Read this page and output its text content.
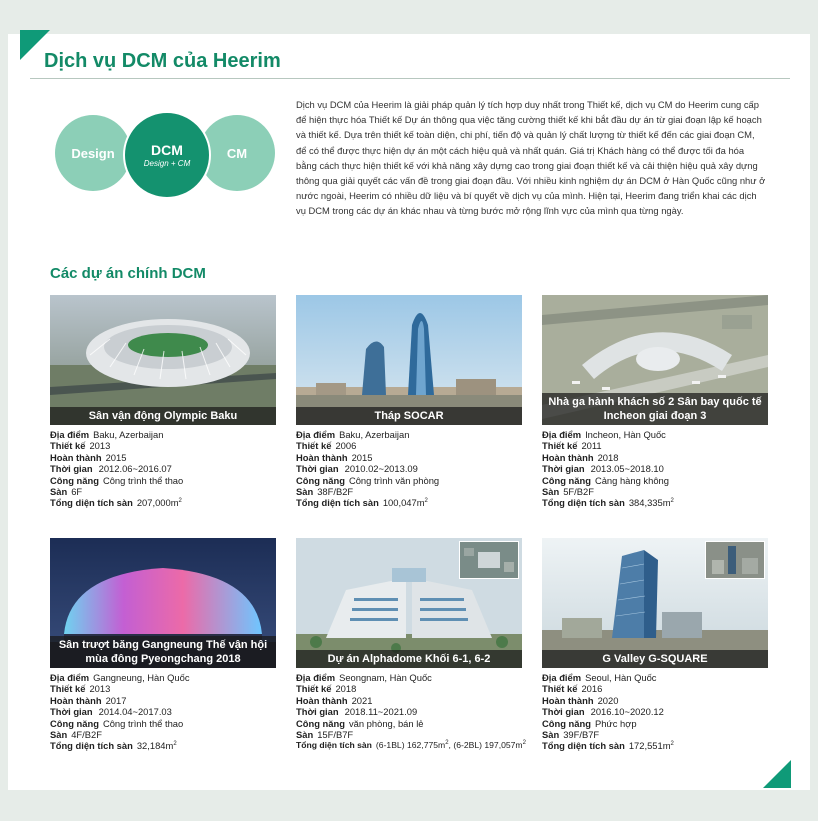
Dịch vụ DCM của Heerim
Design	CM
DCM
Design + CM
Dịch vụ DCM của Heerim là giải pháp quản lý tích hợp duy nhất trong Thiết kế, dịch vụ CM do Heerim cung cấp để hiện thực hóa Thiết kế Dự án thông qua việc tăng cường thiết kế khi bắt đầu dự án từ giai đoạn lập kế hoạch và thiết kế. Dựa trên thiết kế toàn diện, chi phí, tiến độ và quản lý chất lượng từ thiết kế đến các giai đoạn CM, để có thể được thực hiện dự án một cách hiệu quả và nhất quán. Giá trị Khách hàng có thể được tối đa hóa bằng cách thực hiện thiết kế với khả năng xây dựng cao trong giai đoạn thiết kế và cải thiện hiệu quả xây dựng thông qua giải quyết các vấn đề trong giai đoạn đầu. Với nhiều kinh nghiệm dự án DCM ở Hàn Quốc cũng như ở nước ngoài, Heerim có nhiều dữ liệu và bí quyết về dịch vụ của mình. Hiện tại, Heerim đang triển khai các dịch vụ DCM trong các dự án khác nhau và từng bước mở rộng lĩnh vực của mình qua từng ngày.
Các dự án chính DCM
Sân vận động Olympic Baku
Địa điểm Baku, Azerbaijan
Thiết kế 2013
Hoàn thành 2015
Thời gian 2012.06~2016.07
Công năng Công trình thể thao
Sàn 6F
Tổng diện tích sàn $207,000m^2$
Tháp SOCAR
Địa điểm Baku, Azerbaijan
Thiết kế 2006
Hoàn thành 2015
Thời gian 2010.02~2013.09
Công năng Công trình văn phòng
Sàn 38F/B2F
Tổng diện tích sàn $100,047m^2$
Nhà ga hành khách số 2 Sân bay quốc tế Incheon giai đoạn 3
Địa điểm Incheon, Hàn Quốc
Thiết kế 2011
Hoàn thành 2018
Thời gian 2013.05~2018.10
Công năng Cảng hàng không
Sàn 5F/B2F
Tổng diện tích sàn $384,335m^2$
Sân trượt băng Gangneung Thế vận hội mùa đông Pyeongchang 2018
Địa điểm Gangneung, Hàn Quốc
Thiết kế 2013
Hoàn thành 2017
Thời gian 2014.04~2017.03
Công năng Công trình thể thao
Sàn 4F/B2F
Tổng diện tích sàn $32,184m^2$
Dự án Alphadome Khối 6-1, 6-2
Địa điểm Seongnam, Hàn Quốc
Thiết kế 2018
Hoàn thành 2021
Thời gian 2018.11~2021.09
Công năng văn phòng, bán lẻ
Sàn 15F/B7F
Tổng diện tích sàn (6-1BL) $162,775m^2$, (6-2BL) $197,057m^2$
G Valley G-SQUARE
Địa điểm Seoul, Hàn Quốc
Thiết kế 2016
Hoàn thành 2020
Thời gian 2016.10~2020.12
Công năng Phức hợp
Sàn 39F/B7F
Tổng diện tích sàn $172,551m^2$
